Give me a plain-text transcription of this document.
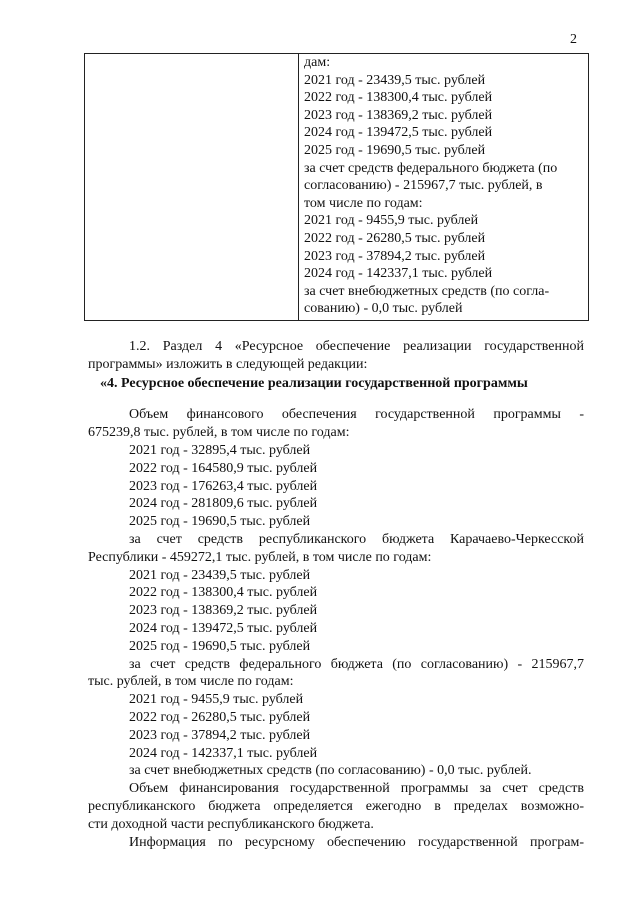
2

дам:
2021 год - 23439,5 тыс. рублей
2022 год - 138300,4 тыс. рублей
2023 год - 138369,2 тыс. рублей
2024 год - 139472,5 тыс. рублей
2025 год - 19690,5 тыс. рублей
за счет средств федерального бюджета (по
согласованию) - 215967,7 тыс. рублей, в
том числе по годам:
2021 год - 9455,9 тыс. рублей
2022 год - 26280,5 тыс. рублей
2023 год - 37894,2 тыс. рублей
2024 год - 142337,1 тыс. рублей
за счет внебюджетных средств (по согла-
сованию) - 0,0 тыс. рублей
1.2. Раздел 4 «Ресурсное обеспечение реализации государственной
программы» изложить в следующей редакции:
«4. Ресурсное обеспечение реализации государственной программы
Объем финансового обеспечения государственной программы -
675239,8 тыс. рублей, в том числе по годам:
2021 год - 32895,4 тыс. рублей
2022 год - 164580,9 тыс. рублей
2023 год - 176263,4 тыс. рублей
2024 год - 281809,6 тыс. рублей
2025 год - 19690,5 тыс. рублей
за счет средств республиканского бюджета Карачаево-Черкесской
Республики - 459272,1 тыс. рублей, в том числе по годам:
2021 год - 23439,5 тыс. рублей
2022 год - 138300,4 тыс. рублей
2023 год - 138369,2 тыс. рублей
2024 год - 139472,5 тыс. рублей
2025 год - 19690,5 тыс. рублей
за счет средств федерального бюджета (по согласованию) - 215967,7
тыс. рублей, в том числе по годам:
2021 год - 9455,9 тыс. рублей
2022 год - 26280,5 тыс. рублей
2023 год - 37894,2 тыс. рублей
2024 год - 142337,1 тыс. рублей
за счет внебюджетных средств (по согласованию) - 0,0 тыс. рублей.
Объем финансирования государственной программы за счет средств
республиканского бюджета определяется ежегодно в пределах возможно-
сти доходной части республиканского бюджета.
Информация по ресурсному обеспечению государственной програм-
